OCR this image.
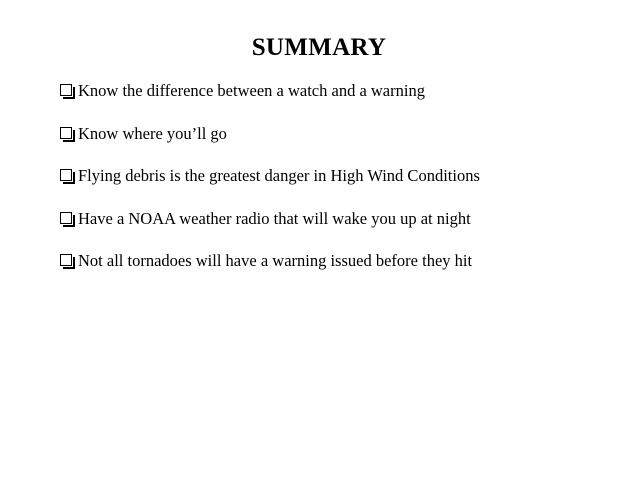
SUMMARY
Know the difference between a watch and a warning
Know where you’ll go
Flying debris is the greatest danger in High Wind Conditions
Have a NOAA weather radio that will wake you up at night
Not all tornadoes will have a warning issued before they hit
